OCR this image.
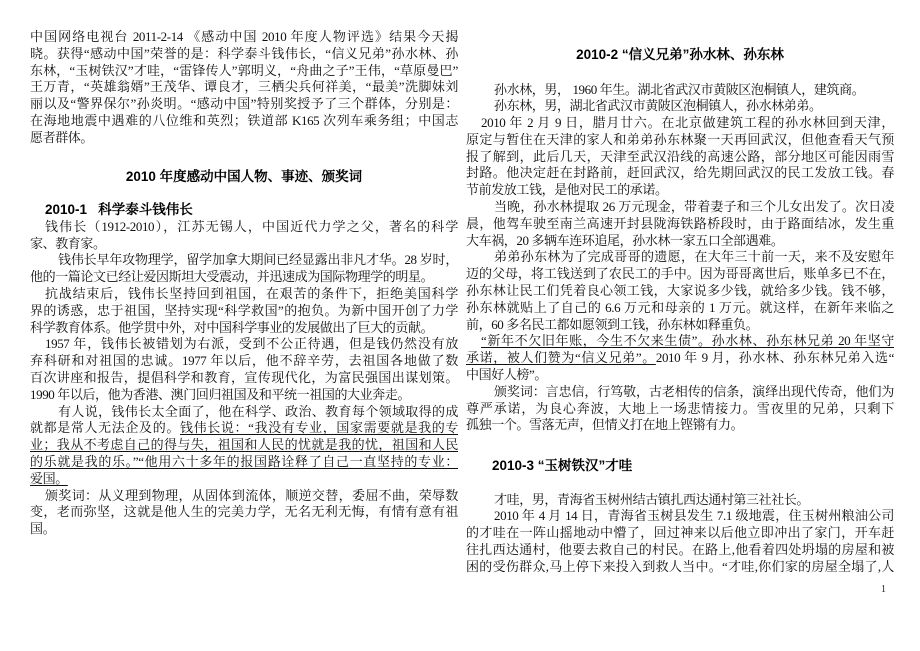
中国网络电视台 2011-2-14 《感动中国 2010 年度人物评选》结果今天揭
晓。获得“感动中国”荣誉的是：科学泰斗钱伟长，“信义兄弟”孙水林、孙
东林，“玉树铁汉”才哇，“雷锋传人”郭明义，“舟曲之子”王伟，“草原曼巴”
王万青，“英雄翁婿”王茂华、谭良才，三栖尖兵何祥美，“最美”洗脚妹刘
丽以及“警界保尔”孙炎明。“感动中国”特别奖授予了三个群体，分别是：
在海地地震中遇难的八位维和英烈；铁道部 K165 次列车乘务组；中国志
愿者群体。
2010 年度感动中国人物、事迹、颁奖词
2010-1   科学泰斗钱伟长
钱伟长（1912-2010），江苏无锡人，中国近代力学之父，著名的科学
家、教育家。
钱伟长早年攻物理学，留学加拿大期间已经显露出非凡才华。28 岁时，
他的一篇论文已经让爱因斯坦大受震动，并迅速成为国际物理学的明星。
抗战结束后，钱伟长坚持回到祖国，在艰苦的条件下，拒绝美国科学
界的诱惑，忠于祖国，坚持实现“科学救国”的抱负。为新中国开创了力学
科学教育体系。他学贯中外，对中国科学事业的发展做出了巨大的贡献。
1957 年，钱伟长被错划为右派，受到不公正待遇，但是钱仍然没有放
弃科研和对祖国的忠诚。1977 年以后，他不辞辛劳，去祖国各地做了数
百次讲座和报告，提倡科学和教育，宣传现代化，为富民强国出谋划策。
1990 年以后，他为香港、澳门回归祖国及和平统一祖国的大业奔走。
有人说，钱伟长太全面了，他在科学、政治、教育每个领域取得的成
就都是常人无法企及的。钱伟长说：“我没有专业，国家需要就是我的专
业；我从不考虑自己的得与失，祖国和人民的忧就是我的忧，祖国和人民
的乐就是我的乐。”“他用六十多年的报国路诠释了自己一直坚持的专业：
爱国。
颁奖词：从义理到物理，从固体到流体，顺逆交替，委屈不曲，荣辱数
变，老而弥坚，这就是他人生的完美力学，无名无利无悔，有情有意有祖
国。
2010-2 “信义兄弟”孙水林、孙东林
孙水林，男， 1960 年生。湖北省武汉市黄陂区泡桐镇人，建筑商。
孙东林，男，湖北省武汉市黄陂区泡桐镇人，孙水林弟弟。
2010 年 2 月 9 日，腊月廿六。在北京做建筑工程的孙水林回到天津，
原定与暂住在天津的家人和弟弟孙东林聚一天再回武汉，但他查看天气预
报了解到，此后几天，天津至武汉沿线的高速公路，部分地区可能因雨雪
封路。他决定赶在封路前，赶回武汉，给先期回武汉的民工发放工钱。春
节前发放工钱，是他对民工的承诺。
当晚，孙水林提取 26 万元现金，带着妻子和三个儿女出发了。次日凌
晨，他驾车驶至南兰高速开封县陇海铁路桥段时，由于路面结冰，发生重
大车祸，20 多辆车连环追尾，孙水林一家五口全部遇难。
弟弟孙东林为了完成哥哥的遗愿，在大年三十前一天，来不及安慰年
迈的父母，将工钱送到了农民工的手中。因为哥哥离世后，账单多已不在，
孙东林让民工们凭着良心领工钱，大家说多少钱，就给多少钱。钱不够，
孙东林就贴上了自己的 6.6 万元和母亲的 1 万元。就这样，在新年来临之
前，60 多名民工都如愿领到工钱，孙东林如释重负。
“新年不欠旧年账，今生不欠来生债”。孙水林、孙东林兄弟 20 年坚守
承诺，被人们赞为“信义兄弟”。2010 年 9 月，孙水林、孙东林兄弟入选“
中国好人榜”。
颁奖词：言忠信，行笃敬，古老相传的信条，演绎出现代传奇，他们为
尊严承诺，为良心奔波，大地上一场悲情接力。雪夜里的兄弟，只剩下
孤独一个。雪落无声，但情义打在地上铿锵有力。
2010-3 “玉树铁汉”才哇
才哇，男，青海省玉树州结古镇扎西达通村第三社社长。
2010 年 4 月 14 日，青海省玉树县发生 7.1 级地震，住玉树州粮油公司
的才哇在一阵山摇地动中懵了，回过神来以后他立即冲出了家门，开车赶
往扎西达通村，他要去救自己的村民。在路上,他看着四处坍塌的房屋和被
困的受伤群众,马上停下来投入到救人当中。“才哇,你们家的房屋全塌了,人
1
